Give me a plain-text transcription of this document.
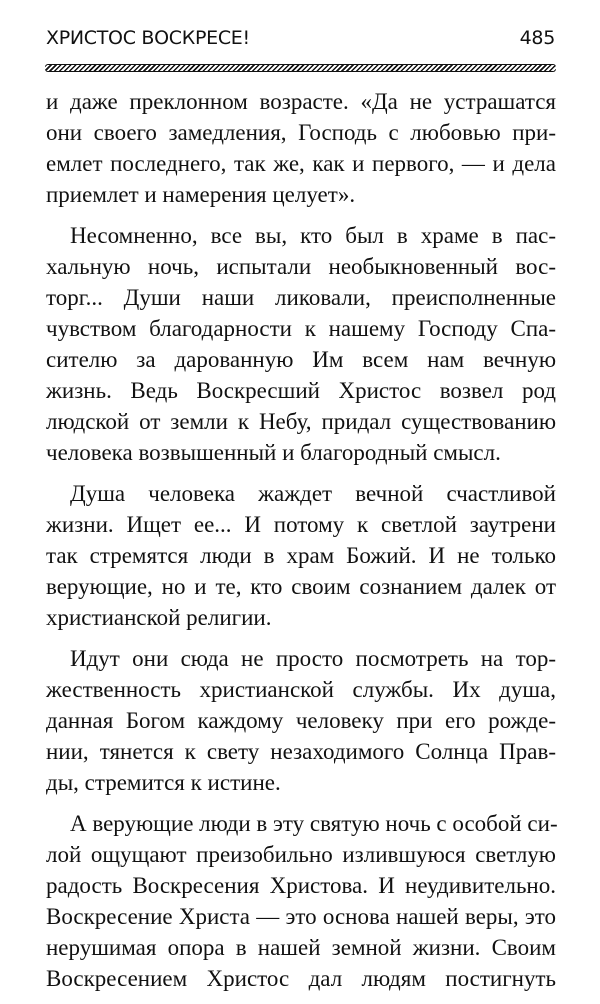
ХРИСТОС ВОСКРЕСЕ!	485

и даже преклонном возрасте. «Да не устрашатся
они своего замедления, Господь с любовью при-
емлет последнего, так же, как и первого, — и дела
приемлет и намерения целует».

Несомненно, все вы, кто был в храме в пас-
хальную ночь, испытали необыкновенный вос-
торг... Души наши ликовали, преисполненные
чувством благодарности к нашему Господу Спа-
сителю за дарованную Им всем нам вечную
жизнь. Ведь Воскресший Христос возвел род
людской от земли к Небу, придал существованию
человека возвышенный и благородный смысл.

Душа человека жаждет вечной счастливой
жизни. Ищет ее... И потому к светлой заутрени
так стремятся люди в храм Божий. И не только
верующие, но и те, кто своим сознанием далек от
христианской религии.

Идут они сюда не просто посмотреть на тор-
жественность христианской службы. Их душа,
данная Богом каждому человеку при его рожде-
нии, тянется к свету незаходимого Солнца Прав-
ды, стремится к истине.

А верующие люди в эту святую ночь с особой си-
лой ощущают преизобильно излившуюся светлую
радость Воскресения Христова. И неудивительно.
Воскресение Христа — это основа нашей веры, это
нерушимая опора в нашей земной жизни. Своим
Воскресением Христос дал людям постигнуть
